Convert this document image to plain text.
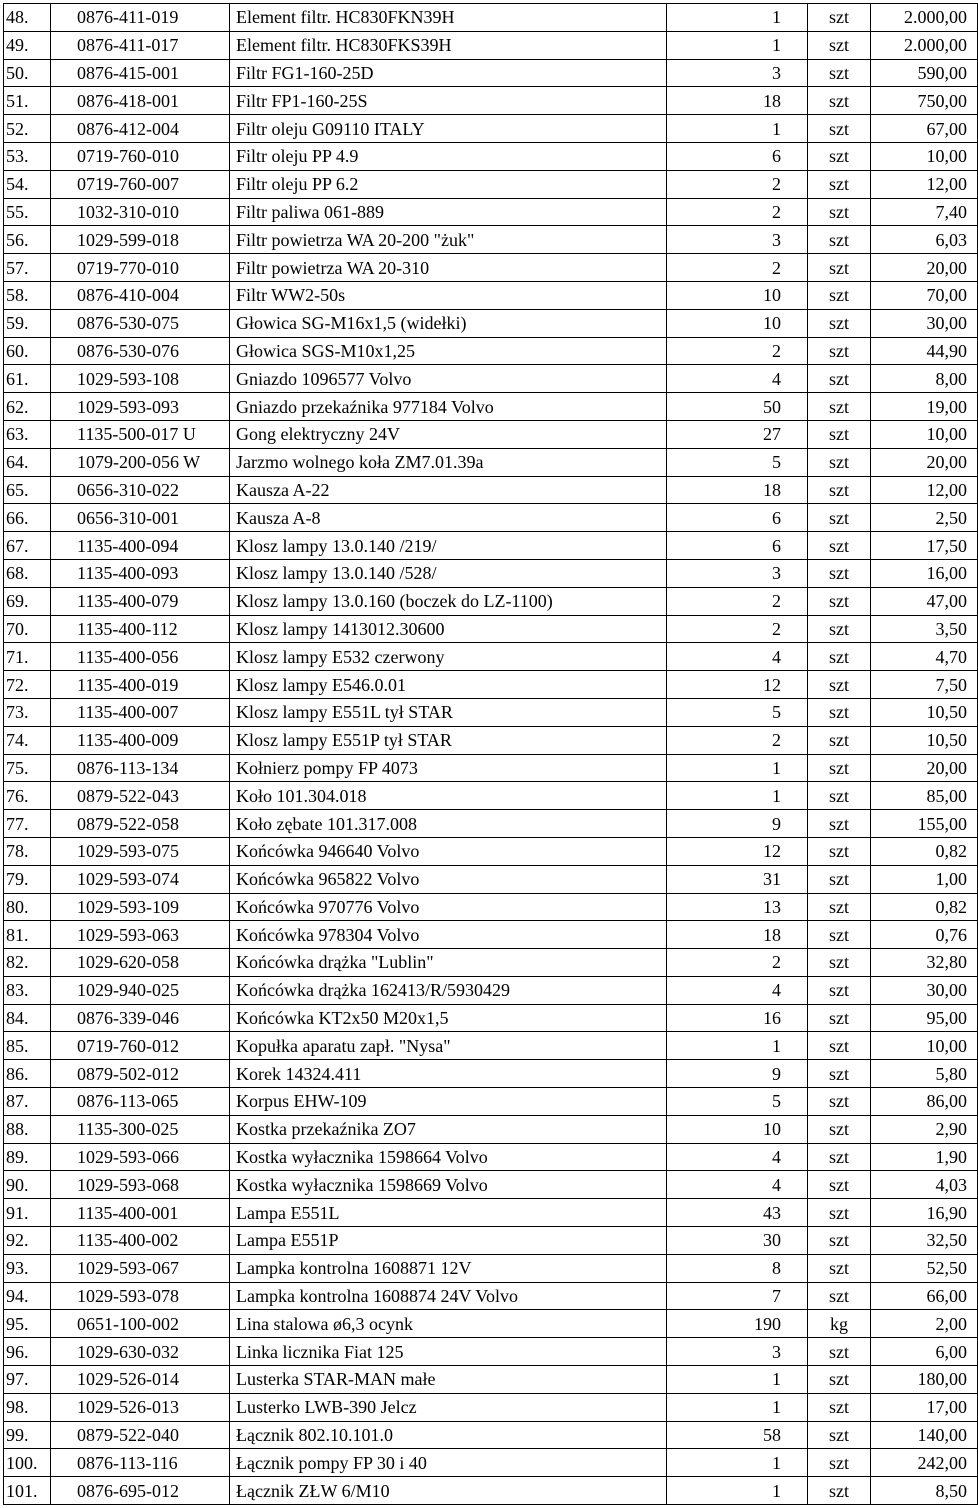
48.	0876-411-019	Element filtr. HC830FKN39H	1	szt	2.000,00
49.	0876-411-017	Element filtr. HC830FKS39H	1	szt	2.000,00
50.	0876-415-001	Filtr FG1-160-25D	3	szt	590,00
51.	0876-418-001	Filtr FP1-160-25S	18	szt	750,00
52.	0876-412-004	Filtr oleju G09110 ITALY	1	szt	67,00
53.	0719-760-010	Filtr oleju PP 4.9	6	szt	10,00
54.	0719-760-007	Filtr oleju PP 6.2	2	szt	12,00
55.	1032-310-010	Filtr paliwa 061-889	2	szt	7,40
56.	1029-599-018	Filtr powietrza WA 20-200 "żuk"	3	szt	6,03
57.	0719-770-010	Filtr powietrza WA 20-310	2	szt	20,00
58.	0876-410-004	Filtr WW2-50s	10	szt	70,00
59.	0876-530-075	Głowica SG-M16x1,5 (widełki)	10	szt	30,00
60.	0876-530-076	Głowica SGS-M10x1,25	2	szt	44,90
61.	1029-593-108	Gniazdo 1096577 Volvo	4	szt	8,00
62.	1029-593-093	Gniazdo przekaźnika 977184 Volvo	50	szt	19,00
63.	1135-500-017 U	Gong elektryczny 24V	27	szt	10,00
64.	1079-200-056 W	Jarzmo wolnego koła ZM7.01.39a	5	szt	20,00
65.	0656-310-022	Kausza A-22	18	szt	12,00
66.	0656-310-001	Kausza A-8	6	szt	2,50
67.	1135-400-094	Klosz lampy 13.0.140 /219/	6	szt	17,50
68.	1135-400-093	Klosz lampy 13.0.140 /528/	3	szt	16,00
69.	1135-400-079	Klosz lampy 13.0.160 (boczek do LZ-1100)	2	szt	47,00
70.	1135-400-112	Klosz lampy 1413012.30600	2	szt	3,50
71.	1135-400-056	Klosz lampy E532 czerwony	4	szt	4,70
72.	1135-400-019	Klosz lampy E546.0.01	12	szt	7,50
73.	1135-400-007	Klosz lampy E551L tył STAR	5	szt	10,50
74.	1135-400-009	Klosz lampy E551P tył STAR	2	szt	10,50
75.	0876-113-134	Kołnierz pompy FP 4073	1	szt	20,00
76.	0879-522-043	Koło 101.304.018	1	szt	85,00
77.	0879-522-058	Koło zębate 101.317.008	9	szt	155,00
78.	1029-593-075	Końcówka 946640 Volvo	12	szt	0,82
79.	1029-593-074	Końcówka 965822 Volvo	31	szt	1,00
80.	1029-593-109	Końcówka 970776 Volvo	13	szt	0,82
81.	1029-593-063	Końcówka 978304 Volvo	18	szt	0,76
82.	1029-620-058	Końcówka drążka "Lublin"	2	szt	32,80
83.	1029-940-025	Końcówka drążka 162413/R/5930429	4	szt	30,00
84.	0876-339-046	Końcówka KT2x50 M20x1,5	16	szt	95,00
85.	0719-760-012	Kopułka aparatu zapł. "Nysa"	1	szt	10,00
86.	0879-502-012	Korek 14324.411	9	szt	5,80
87.	0876-113-065	Korpus EHW-109	5	szt	86,00
88.	1135-300-025	Kostka przekaźnika ZO7	10	szt	2,90
89.	1029-593-066	Kostka wyłacznika 1598664 Volvo	4	szt	1,90
90.	1029-593-068	Kostka wyłacznika 1598669 Volvo	4	szt	4,03
91.	1135-400-001	Lampa E551L	43	szt	16,90
92.	1135-400-002	Lampa E551P	30	szt	32,50
93.	1029-593-067	Lampka kontrolna 1608871 12V	8	szt	52,50
94.	1029-593-078	Lampka kontrolna 1608874 24V Volvo	7	szt	66,00
95.	0651-100-002	Lina stalowa ø6,3 ocynk	190	kg	2,00
96.	1029-630-032	Linka licznika Fiat 125	3	szt	6,00
97.	1029-526-014	Lusterka STAR-MAN małe	1	szt	180,00
98.	1029-526-013	Lusterko LWB-390 Jelcz	1	szt	17,00
99.	0879-522-040	Łącznik 802.10.101.0	58	szt	140,00
100.	0876-113-116	Łącznik pompy FP 30 i 40	1	szt	242,00
101.	0876-695-012	Łącznik ZŁW 6/M10	1	szt	8,50
